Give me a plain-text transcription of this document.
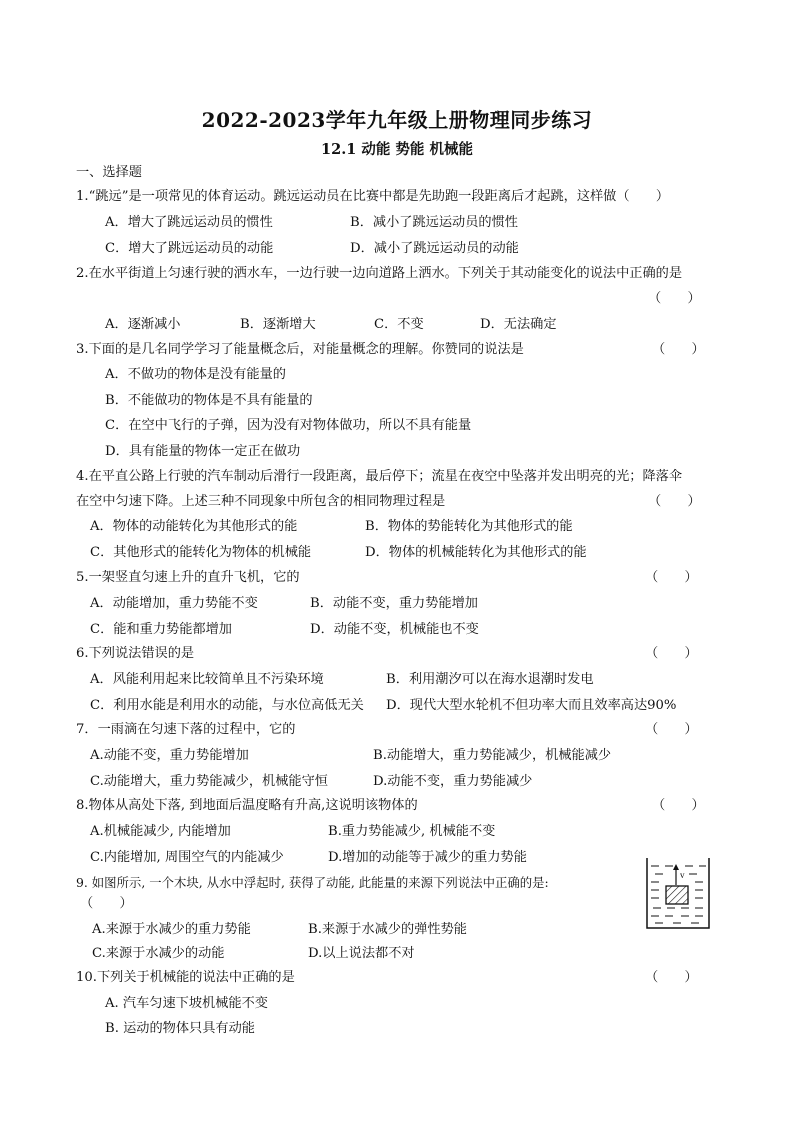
2022-2023学年九年级上册物理同步练习
12.1 动能 势能 机械能
一、选择题
1.“跳远”是一项常见的体育运动。跳远运动员在比赛中都是先助跑一段距离后才起跳，这样做（　　）
A．增大了跳远运动员的惯性	B．减小了跳远运动员的惯性
C．增大了跳远运动员的动能	D．减小了跳远运动员的动能
2.在水平街道上匀速行驶的洒水车，一边行驶一边向道路上洒水。下列关于其动能变化的说法中正确的是
（　　）
A．逐渐减小	B．逐渐增大	C．不变	D．无法确定
3.下面的是几名同学学习了能量概念后，对能量概念的理解。你赞同的说法是	（　　）
A．不做功的物体是没有能量的
B．不能做功的物体是不具有能量的
C．在空中飞行的子弹，因为没有对物体做功，所以不具有能量
D．具有能量的物体一定正在做功
4.在平直公路上行驶的汽车制动后滑行一段距离，最后停下；流星在夜空中坠落并发出明亮的光；降落伞
在空中匀速下降。上述三种不同现象中所包含的相同物理过程是	（　　）
A．物体的动能转化为其他形式的能	B．物体的势能转化为其他形式的能
C．其他形式的能转化为物体的机械能	D．物体的机械能转化为其他形式的能
5.一架竖直匀速上升的直升飞机，它的	（　　）
A．动能增加，重力势能不变	B．动能不变，重力势能增加
C．能和重力势能都增加	D．动能不变，机械能也不变
6.下列说法错误的是	（　　）
A．风能利用起来比较简单且不污染环境	B．利用潮汐可以在海水退潮时发电
C．利用水能是利用水的动能，与水位高低无关 D．现代大型水轮机不但功率大而且效率高达90%
7．一雨滴在匀速下落的过程中，它的	（　　）
A.动能不变，重力势能增加	B.动能增大，重力势能减少，机械能减少
C.动能增大，重力势能减少，机械能守恒	D.动能不变，重力势能减少
8.物体从高处下落, 到地面后温度略有升高,这说明该物体的	（　　）
A.机械能减少, 内能增加	B.重力势能减少, 机械能不变
C.内能增加, 周围空气的内能减少	D.增加的动能等于减少的重力势能
9. 如图所示, 一个木块, 从水中浮起时, 获得了动能, 此能量的来源下列说法中正确的是:
（　　）
A.来源于水减少的重力势能	B.来源于水减少的弹性势能
C.来源于水减少的动能	D.以上说法都不对
v
10.下列关于机械能的说法中正确的是	（　　）
A. 汽车匀速下坡机械能不变
B. 运动的物体只具有动能
